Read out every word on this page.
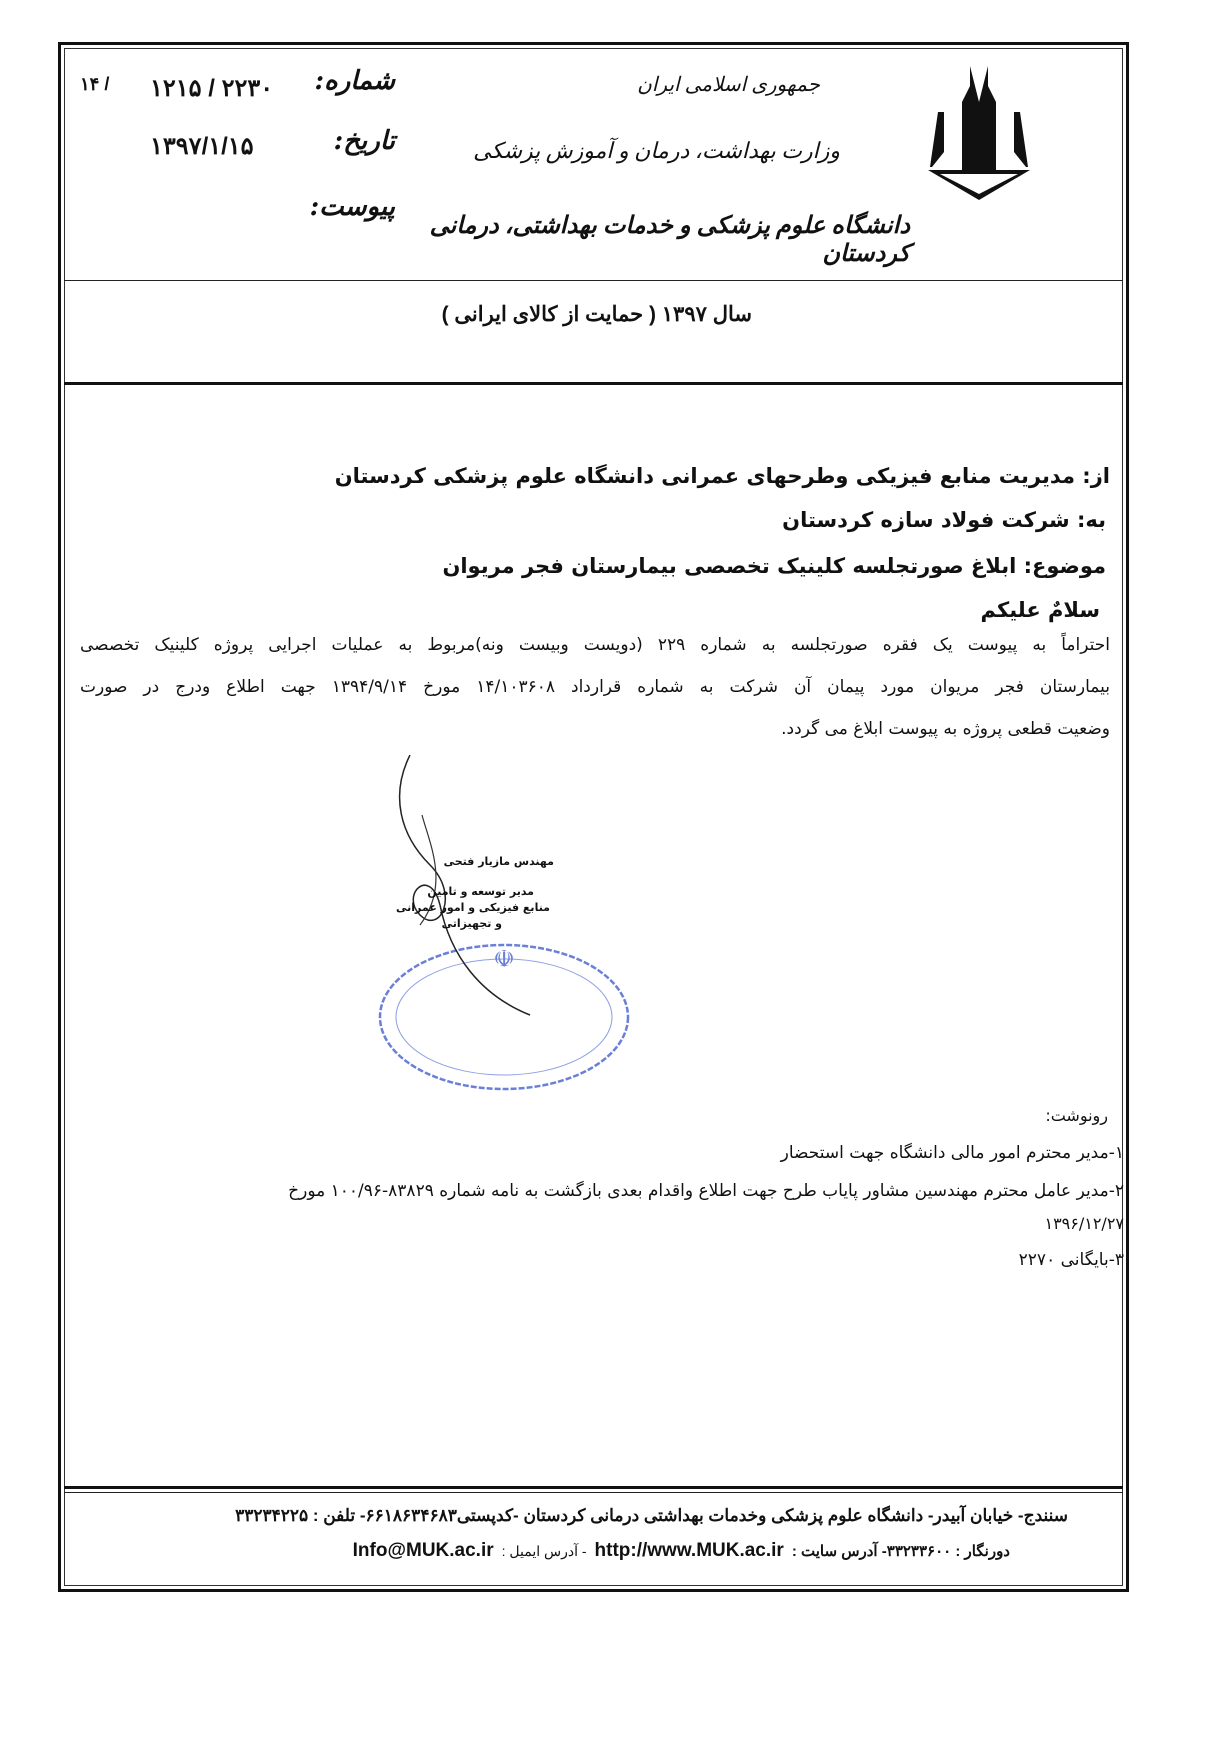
جمهوری اسلامی ایران
وزارت بهداشت، درمان و آموزش پزشکی
دانشگاه علوم پزشکی و خدمات بهداشتی، درمانی کردستان
شماره:
۱۲۱۵ / ۲۲۳۰
۱۴ /
تاریخ:
۱۳۹۷/۱/۱۵
پیوست:
سال ۱۳۹۷ ( حمایت از کالای ایرانی )
از: مدیریت منابع فیزیکی وطرحهای عمرانی دانشگاه علوم پزشکی کردستان
به: شرکت فولاد سازه کردستان
موضوع: ابلاغ صورتجلسه کلینیک تخصصی بیمارستان فجر مریوان
سلامٌ علیکم
احتراماً به پیوست یک فقره صورتجلسه به شماره ۲۲۹ (دویست وبیست ونه)مربوط به عملیات اجرایی پروژه کلینیک تخصصی
بیمارستان فجر مریوان مورد پیمان آن شرکت به شماره قرارداد ۱۴/۱۰۳۶۰۸ مورخ ۱۳۹۴/۹/۱۴ جهت اطلاع ودرج در صورت
وضعیت قطعی پروژه به پیوست ابلاغ می گردد.
☫
مهندس مازیار فتحی
مدیر توسعه و تامین
منابع فیزیکی و امور عمرانی
و تجهیزاتی
رونوشت:
۱-مدیر محترم امور مالی دانشگاه جهت استحضار
۲-مدیر عامل محترم مهندسین مشاور پایاب طرح جهت اطلاع واقدام بعدی بازگشت به نامه شماره ۸۳۸۲۹-۱۰۰/۹۶ مورخ
۱۳۹۶/۱۲/۲۷
۳-بایگانی ۲۲۷۰
سنندج- خیابان آبیدر- دانشگاه علوم پزشکی وخدمات بهداشتی درمانی کردستان -کدپستی۶۶۱۸۶۳۴۶۸۳- تلفن : ۳۳۲۳۴۲۲۵
دورنگار : ۳۳۲۳۳۶۰۰- آدرس سایت :
http://www.MUK.ac.ir
- آدرس ایمیل :
Info@MUK.ac.ir
